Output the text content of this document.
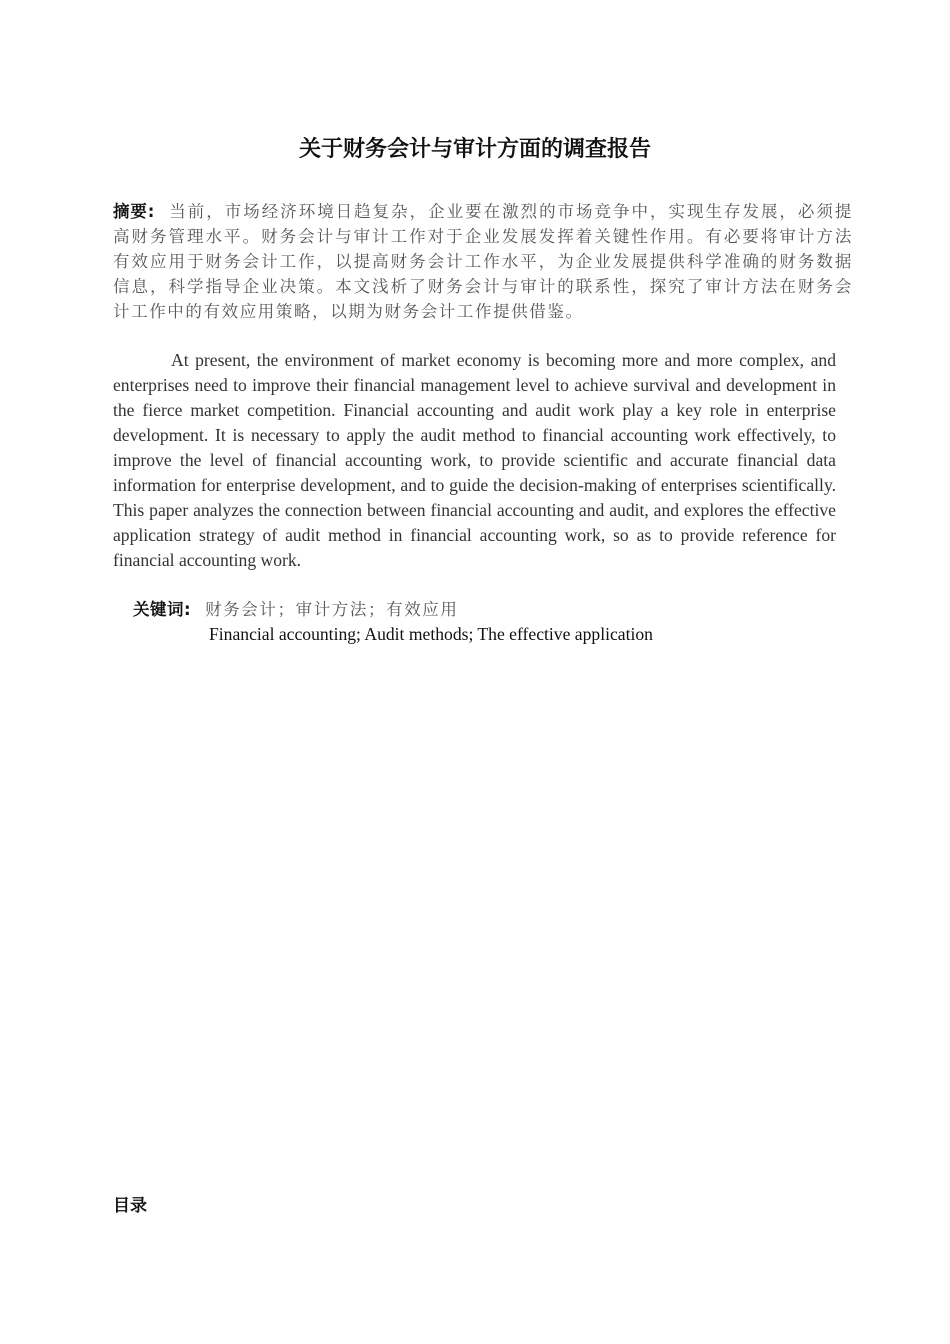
关于财务会计与审计方面的调查报告
摘要: 当前，市场经济环境日趋复杂，企业要在激烈的市场竞争中，实现生存发展，必须提高财务管理水平。财务会计与审计工作对于企业发展发挥着关键性作用。有必要将审计方法有效应用于财务会计工作，以提高财务会计工作水平，为企业发展提供科学准确的财务数据信息，科学指导企业决策。本文浅析了财务会计与审计的联系性，探究了审计方法在财务会计工作中的有效应用策略，以期为财务会计工作提供借鉴。
At present, the environment of market economy is becoming more and more complex, and enterprises need to improve their financial management level to achieve survival and development in the fierce market competition. Financial accounting and audit work play a key role in enterprise development. It is necessary to apply the audit method to financial accounting work effectively, to improve the level of financial accounting work, to provide scientific and accurate financial data information for enterprise development, and to guide the decision-making of enterprises scientifically. This paper analyzes the connection between financial accounting and audit, and explores the effective application strategy of audit method in financial accounting work, so as to provide reference for financial accounting work.
关键词: 财务会计；审计方法；有效应用
Financial accounting; Audit methods; The effective application
目录
